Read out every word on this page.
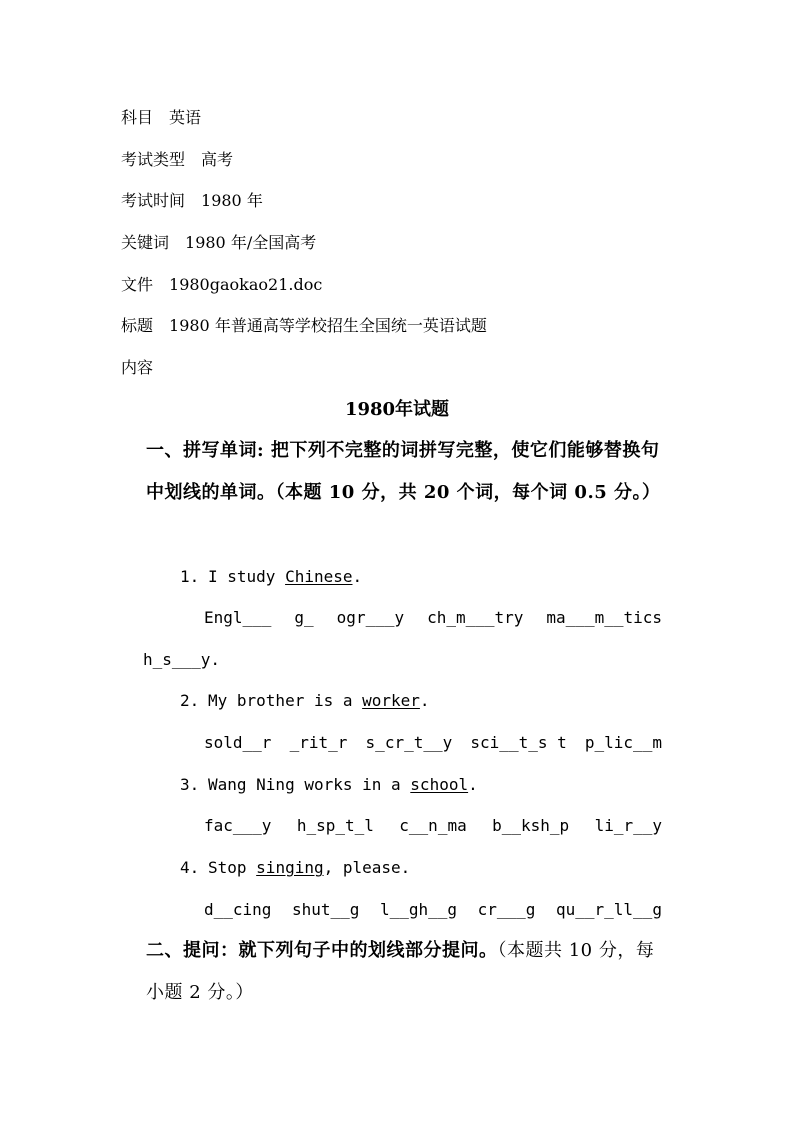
科目 英语
考试类型 高考
考试时间 1980 年
关键词 1980 年/全国高考
文件 1980gaokao21.doc
标题 1980 年普通高等学校招生全国统一英语试题
内容
1980年试题
一、拼写单词: 把下列不完整的词拼写完整，使它们能够替换句中划线的单词。（本题 10 分，共 20 个词，每个词 0.5 分。）
1. I study Chinese.
Engl___ g_ ogr___y ch_m___try ma___m__tics
h_s___y.
2. My brother is a worker.
sold__r _rit_r s_cr_t__y sci__t_s t p_lic__m
3. Wang Ning works in a school.
fac___y h_sp_t_l c__n_ma b__ksh_p li_r__y
4. Stop singing, please.
d__cing shut__g l__gh__g cr___g qu__r_ll__g
二、提问：就下列句子中的划线部分提问。（本题共 10 分，每小题 2 分。）
